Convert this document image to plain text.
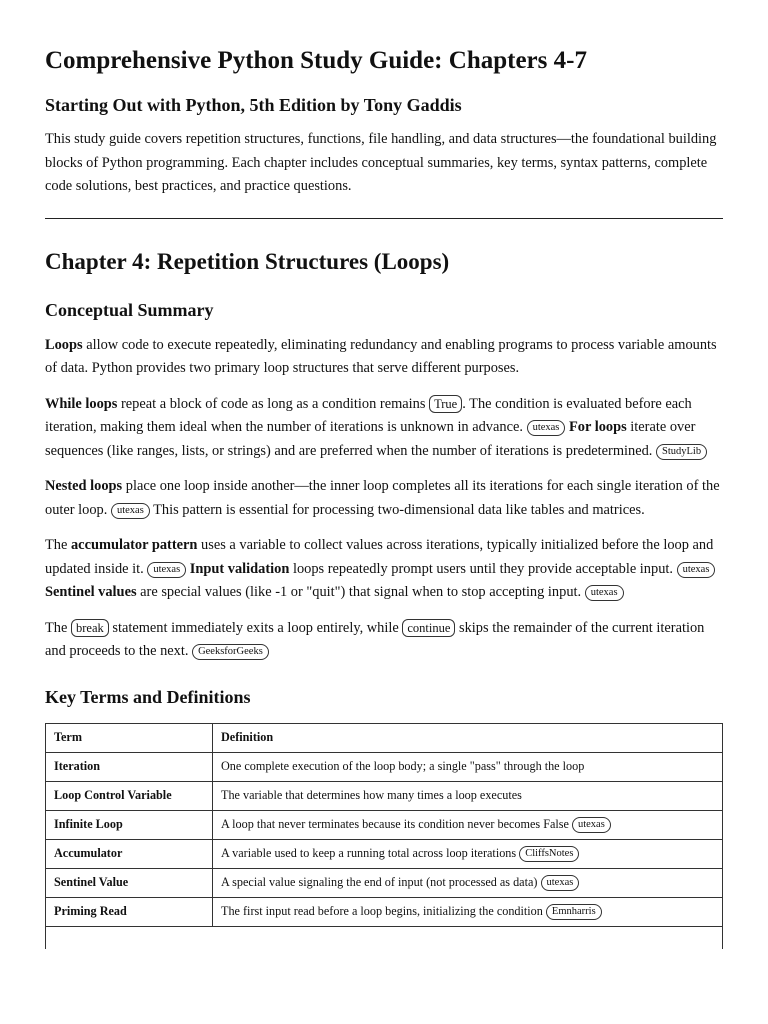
Comprehensive Python Study Guide: Chapters 4-7
Starting Out with Python, 5th Edition by Tony Gaddis

This study guide covers repetition structures, functions, file handling, and data structures—the foundational building blocks of Python programming. Each chapter includes conceptual summaries, key terms, syntax patterns, complete code solutions, best practices, and practice questions.

Chapter 4: Repetition Structures (Loops)
Conceptual Summary

Loops allow code to execute repeatedly, eliminating redundancy and enabling programs to process variable amounts of data. Python provides two primary loop structures that serve different purposes.

While loops repeat a block of code as long as a condition remains True . The condition is evaluated before each iteration, making them ideal when the number of iterations is unknown in advance. utexas For loops iterate over sequences (like ranges, lists, or strings) and are preferred when the number of iterations is predetermined. StudyLib

Nested loops place one loop inside another—the inner loop completes all its iterations for each single iteration of the outer loop. utexas This pattern is essential for processing two-dimensional data like tables and matrices.

The accumulator pattern uses a variable to collect values across iterations, typically initialized before the loop and updated inside it. utexas Input validation loops repeatedly prompt users until they provide acceptable input. utexas Sentinel values are special values (like -1 or "quit") that signal when to stop accepting input. utexas

The break statement immediately exits a loop entirely, while continue skips the remainder of the current iteration and proceeds to the next. GeeksforGeeks

Key Terms and Definitions
Term	Definition
Iteration	One complete execution of the loop body; a single "pass" through the loop
Loop Control Variable	The variable that determines how many times a loop executes
Infinite Loop	A loop that never terminates because its condition never becomes False utexas
Accumulator	A variable used to keep a running total across loop iterations CliffsNotes
Sentinel Value	A special value signaling the end of input (not processed as data) utexas
Priming Read	The first input read before a loop begins, initializing the condition Emnharris
